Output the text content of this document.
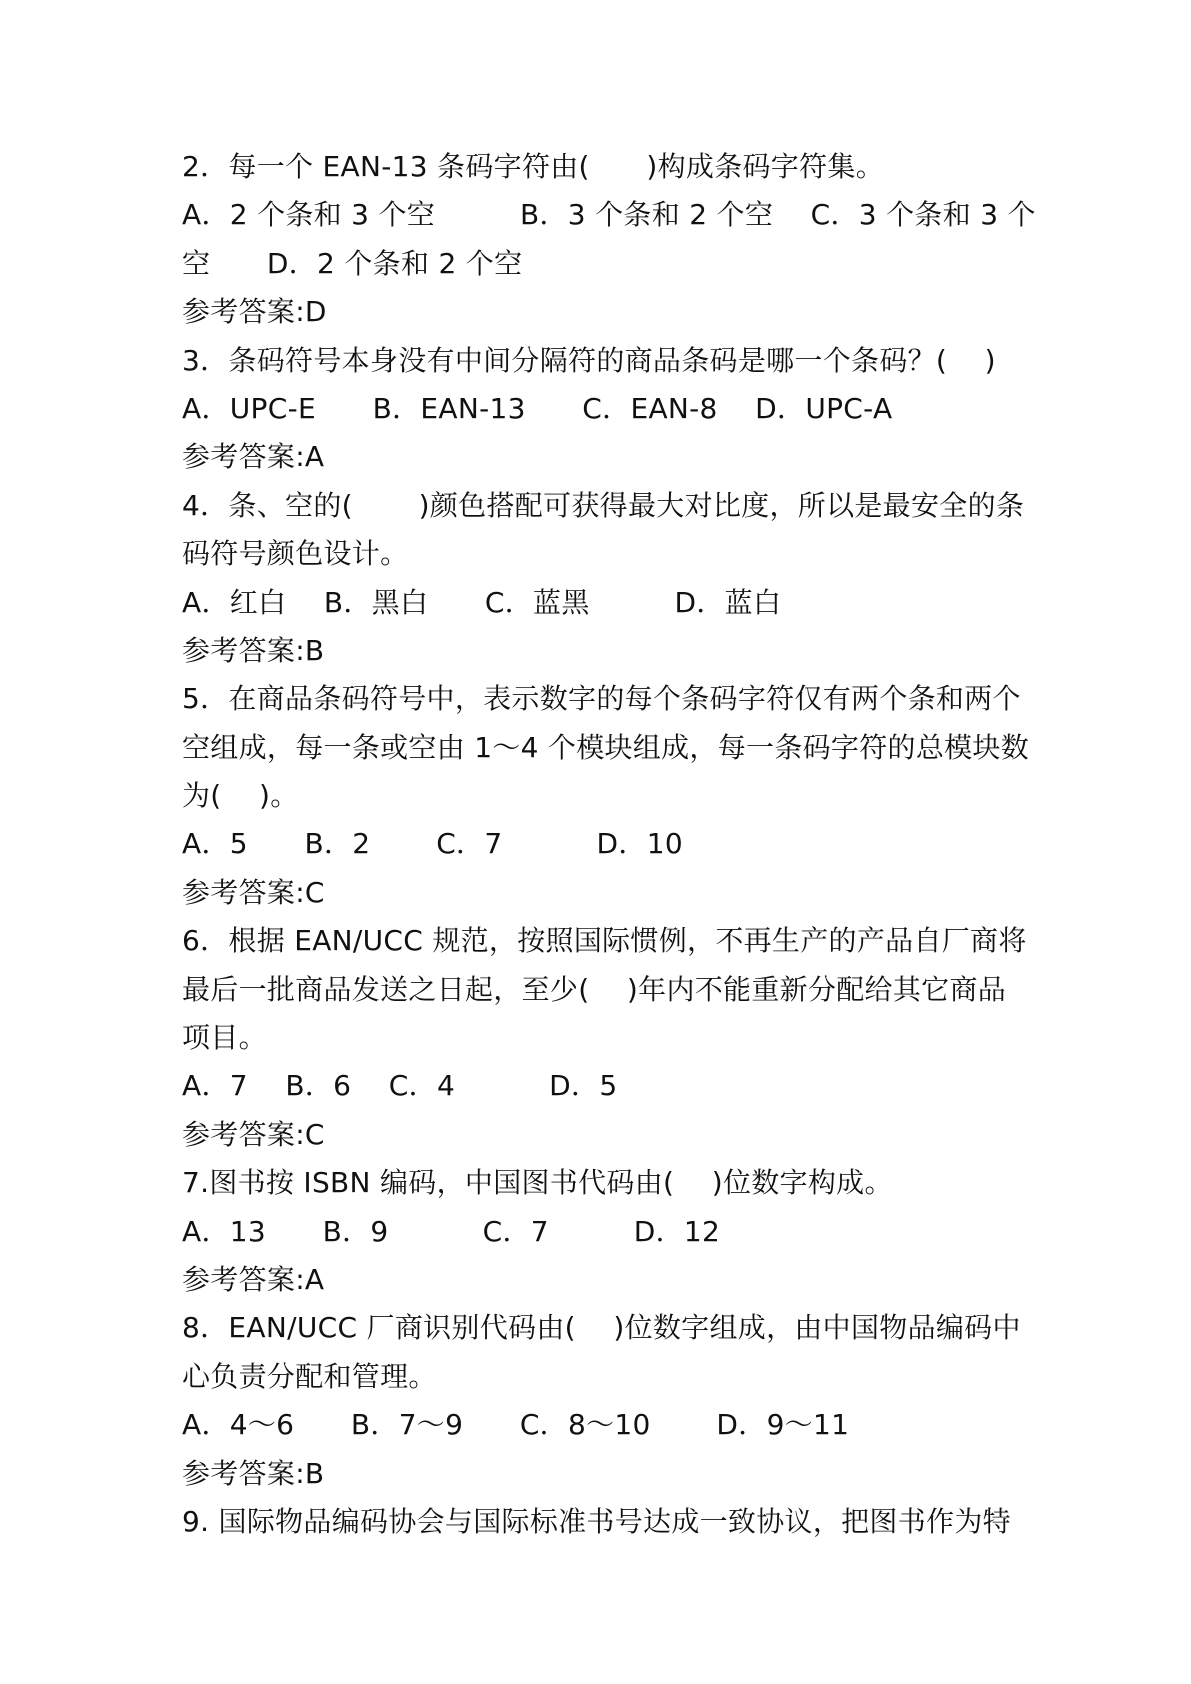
2．每一个 EAN-13 条码字符由(　　)构成条码字符集。
A．2 个条和 3 个空　　　B．3 个条和 2 个空　 C．3 个条和 3 个
空　　D．2 个条和 2 个空
参考答案:D
3．条码符号本身没有中间分隔符的商品条码是哪一个条码？(　 )
A．UPC-E　　B．EAN-13　　C．EAN-8　 D．UPC-A
参考答案:A
4．条、空的(　　 )颜色搭配可获得最大对比度，所以是最安全的条
码符号颜色设计。
A．红白　 B．黑白　　C．蓝黑　　　D．蓝白
参考答案:B
5．在商品条码符号中，表示数字的每个条码字符仅有两个条和两个
空组成，每一条或空由 1～4 个模块组成，每一条码字符的总模块数
为(　 )。
A．5　　B．2　　 C．7　　　 D．10
参考答案:C
6．根据 EAN/UCC 规范，按照国际惯例，不再生产的产品自厂商将
最后一批商品发送之日起，至少(　 )年内不能重新分配给其它商品
项目。
A．7　 B．6　 C．4　　　 D．5
参考答案:C
7.图书按 ISBN 编码，中国图书代码由(　 )位数字构成。
A．13　　B．9　　　 C．7　　　D．12
参考答案:A
8．EAN/UCC 厂商识别代码由(　 )位数字组成，由中国物品编码中
心负责分配和管理。
A．4～6　　B．7～9　　C．8～10　　 D．9～11
参考答案:B
9. 国际物品编码协会与国际标准书号达成一致协议，把图书作为特
